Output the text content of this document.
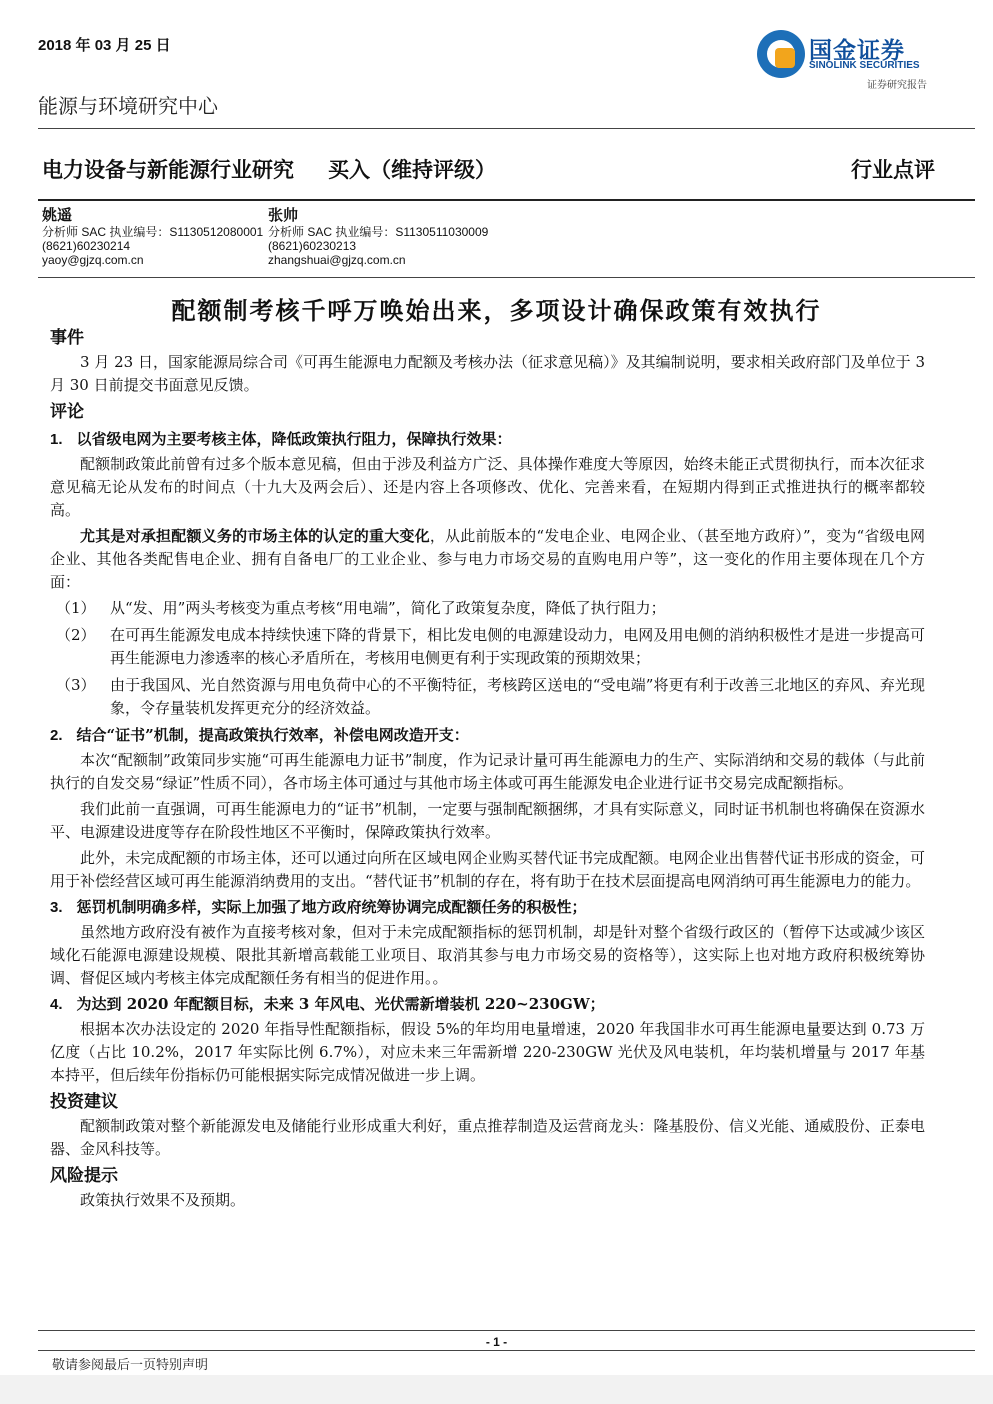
2018 年 03 月 25 日	国金证券
SINOLINK SECURITIES
证券研究报告
能源与环境研究中心
电力设备与新能源行业研究 买入（维持评级）	行业点评
姚遥
分析师 SAC 执业编号：S1130512080001
(8621)60230214
yaoy@gjzq.com.cn
张帅
分析师 SAC 执业编号：S1130511030009
(8621)60230213
zhangshuai@gjzq.com.cn
配额制考核千呼万唤始出来，多项设计确保政策有效执行
事件

3 月 23 日，国家能源局综合司《可再生能源电力配额及考核办法（征求意见稿）》及其编制说明，要求相关政府部门及单位于 3 月 30 日前提交书面意见反馈。

评论
1. 以省级电网为主要考核主体，降低政策执行阻力，保障执行效果：

配额制政策此前曾有过多个版本意见稿，但由于涉及利益方广泛、具体操作难度大等原因，始终未能正式贯彻执行，而本次征求意见稿无论从发布的时间点（十九大及两会后）、还是内容上各项修改、优化、完善来看，在短期内得到正式推进执行的概率都较高。

尤其是对承担配额义务的市场主体的认定的重大变化，从此前版本的“发电企业、电网企业、（甚至地方政府）”，变为“省级电网企业、其他各类配售电企业、拥有自备电厂的工业企业、参与电力市场交易的直购电用户等”，这一变化的作用主要体现在几个方面：

（1） 从“发、用”两头考核变为重点考核“用电端”，简化了政策复杂度，降低了执行阻力；
（2） 在可再生能源发电成本持续快速下降的背景下，相比发电侧的电源建设动力，电网及用电侧的消纳积极性才是进一步提高可再生能源电力渗透率的核心矛盾所在，考核用电侧更有利于实现政策的预期效果；
（3） 由于我国风、光自然资源与用电负荷中心的不平衡特征，考核跨区送电的“受电端”将更有利于改善三北地区的弃风、弃光现象，令存量装机发挥更充分的经济效益。
2. 结合“证书”机制，提高政策执行效率，补偿电网改造开支：

本次“配额制”政策同步实施“可再生能源电力证书”制度，作为记录计量可再生能源电力的生产、实际消纳和交易的载体（与此前执行的自发交易“绿证”性质不同），各市场主体可通过与其他市场主体或可再生能源发电企业进行证书交易完成配额指标。

我们此前一直强调，可再生能源电力的“证书”机制，一定要与强制配额捆绑，才具有实际意义，同时证书机制也将确保在资源水平、电源建设进度等存在阶段性地区不平衡时，保障政策执行效率。

此外，未完成配额的市场主体，还可以通过向所在区域电网企业购买替代证书完成配额。电网企业出售替代证书形成的资金，可用于补偿经营区域可再生能源消纳费用的支出。“替代证书”机制的存在，将有助于在技术层面提高电网消纳可再生能源电力的能力。

3. 惩罚机制明确多样，实际上加强了地方政府统筹协调完成配额任务的积极性；

虽然地方政府没有被作为直接考核对象，但对于未完成配额指标的惩罚机制，却是针对整个省级行政区的（暂停下达或减少该区域化石能源电源建设规模、限批其新增高载能工业项目、取消其参与电力市场交易的资格等），这实际上也对地方政府积极统筹协调、督促区域内考核主体完成配额任务有相当的促进作用。。

4. 为达到 2020 年配额目标，未来 3 年风电、光伏需新增装机 220~230GW；

根据本次办法设定的 2020 年指导性配额指标，假设 5%的年均用电量增速，2020 年我国非水可再生能源电量要达到 0.73 万亿度（占比 10.2%，2017 年实际比例 6.7%），对应未来三年需新增 220-230GW 光伏及风电装机，年均装机增量与 2017 年基本持平，但后续年份指标仍可能根据实际完成情况做进一步上调。

投资建议

配额制政策对整个新能源发电及储能行业形成重大利好，重点推荐制造及运营商龙头：隆基股份、信义光能、通威股份、正泰电器、金风科技等。

风险提示

政策执行效果不及预期。

- 1 -
敬请参阅最后一页特别声明
